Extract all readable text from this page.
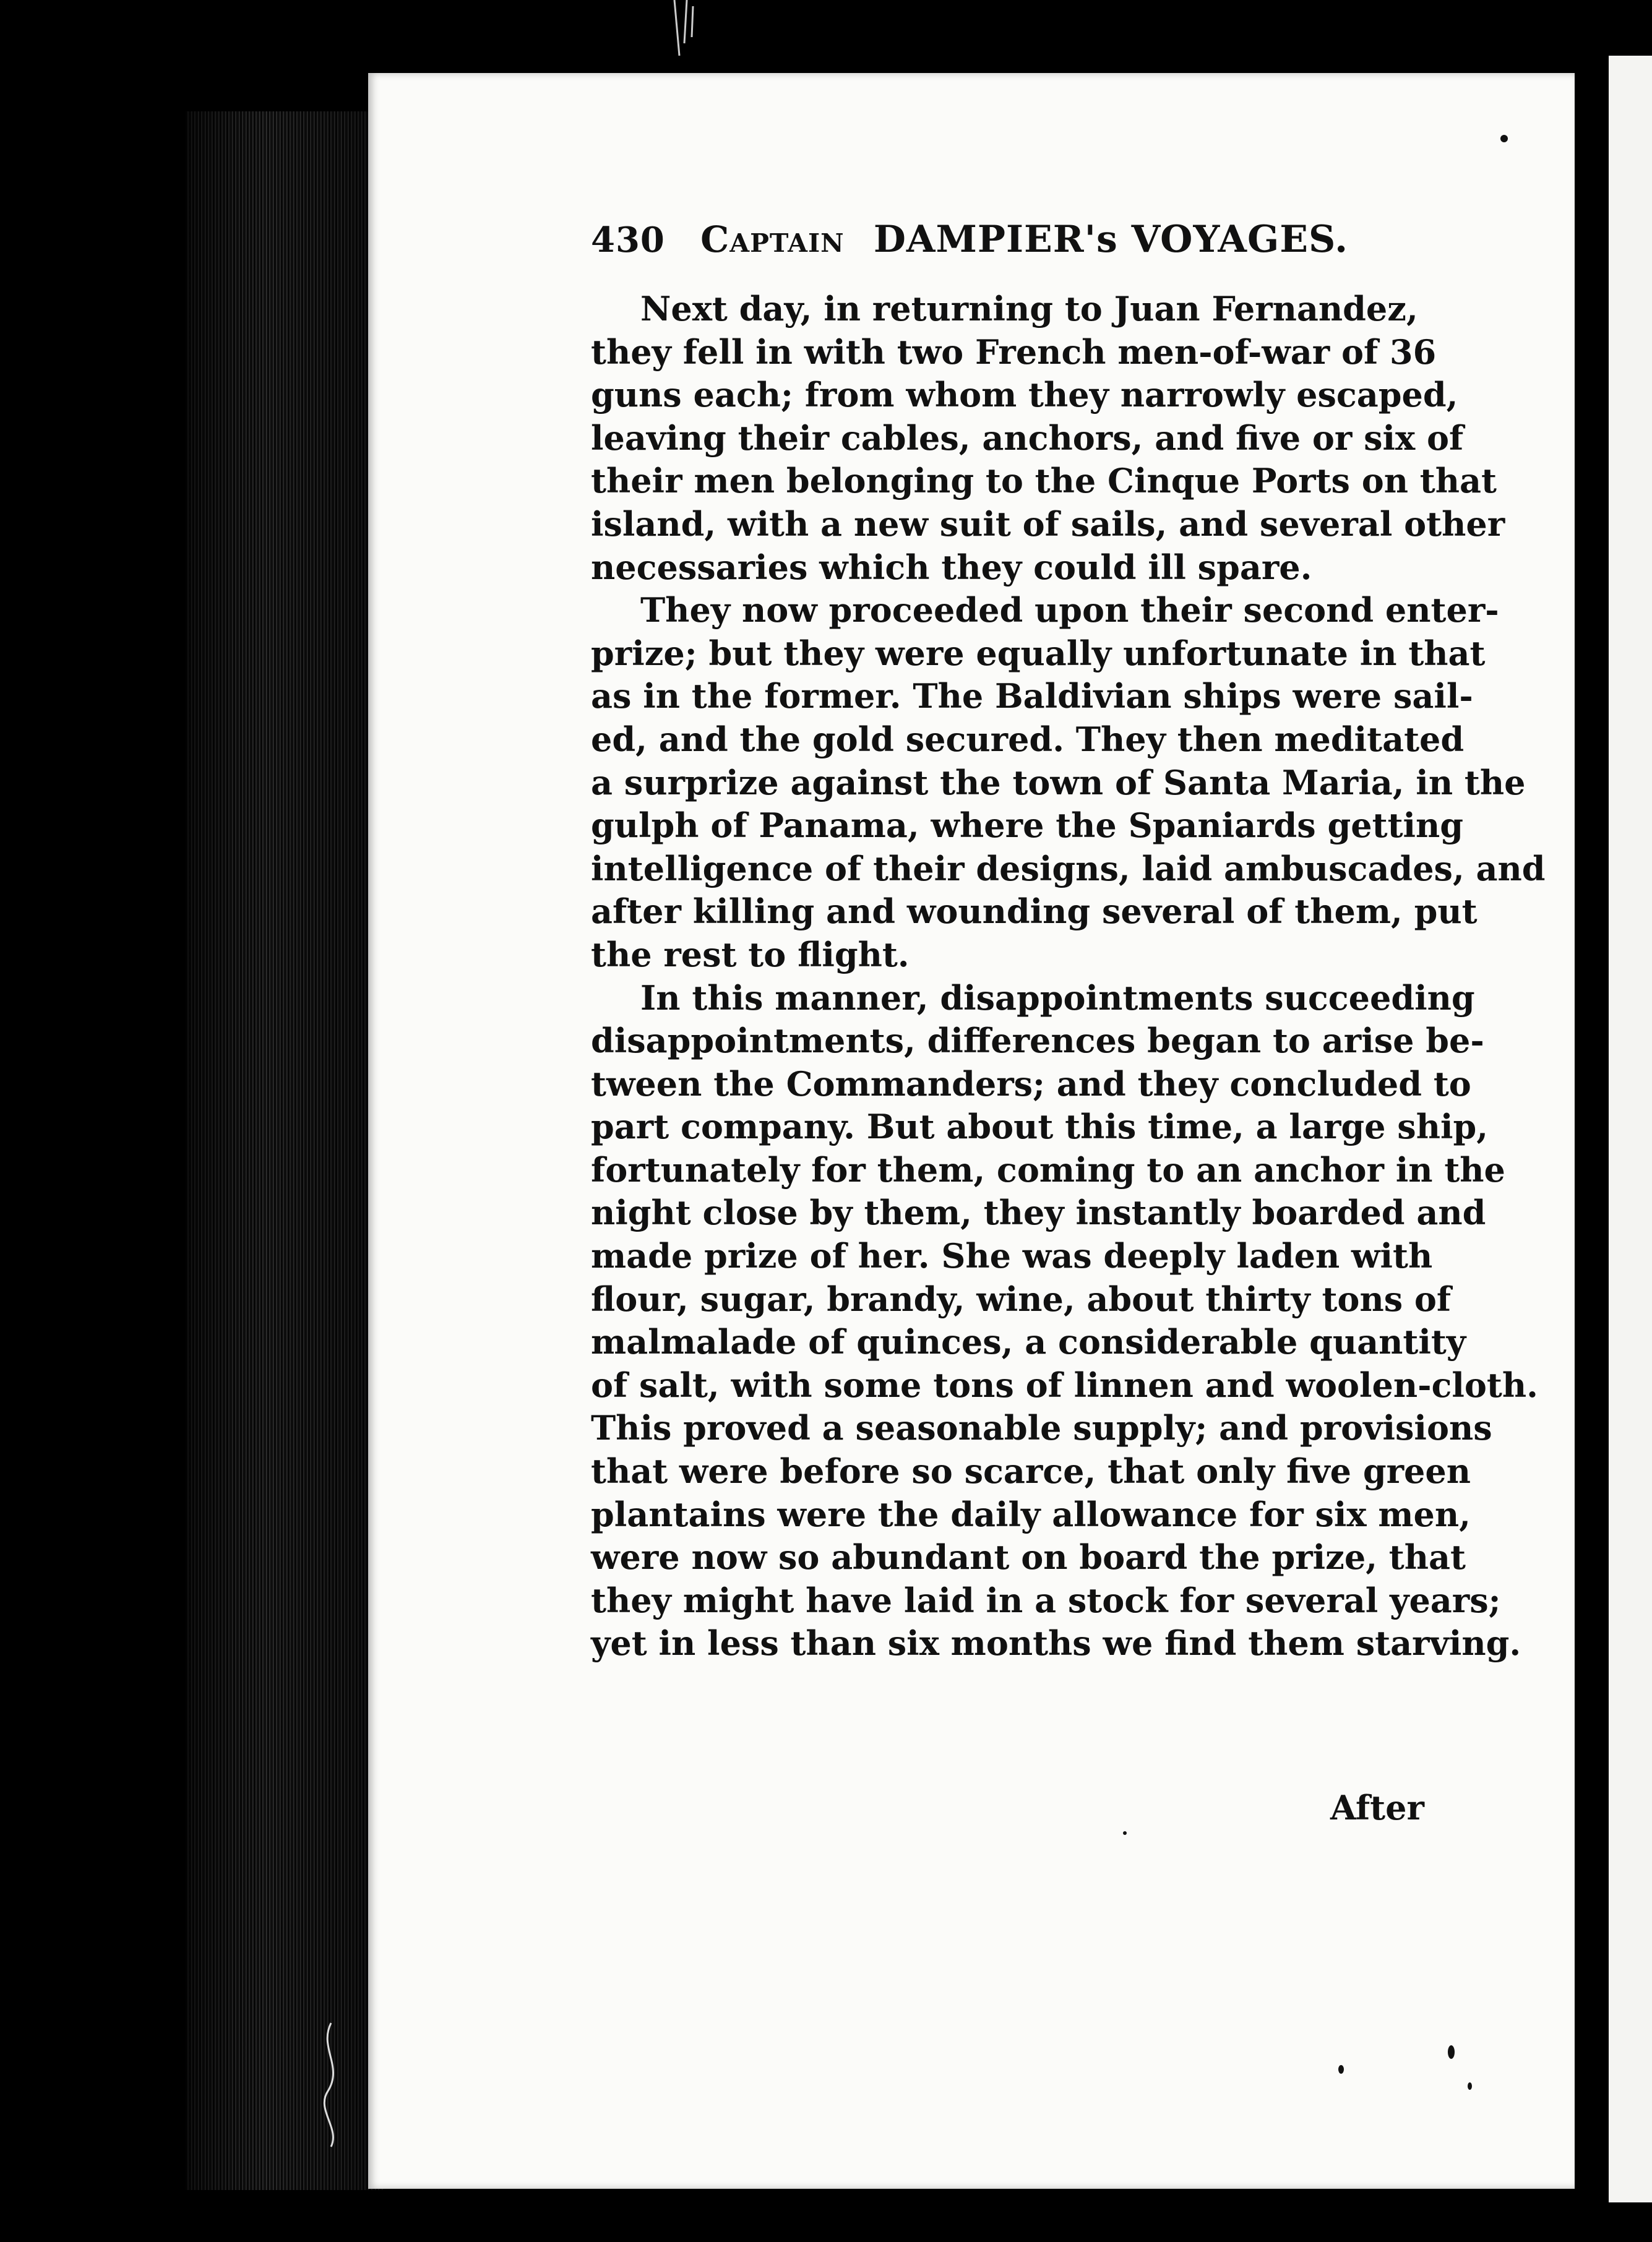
430 Captain DAMPIER's VOYAGES.
Next day, in returning to Juan Fernandez,
they fell in with two French men-of-war of 36
guns each; from whom they narrowly escaped,
leaving their cables, anchors, and five or six of
their men belonging to the Cinque Ports on that
island, with a new suit of sails, and several other
necessaries which they could ill spare.
They now proceeded upon their second enter-
prize; but they were equally unfortunate in that
as in the former. The Baldivian ships were sail-
ed, and the gold secured. They then meditated
a surprize against the town of Santa Maria, in the
gulph of Panama, where the Spaniards getting
intelligence of their designs, laid ambuscades, and
after killing and wounding several of them, put
the rest to flight.
In this manner, disappointments succeeding
disappointments, differences began to arise be-
tween the Commanders; and they concluded to
part company. But about this time, a large ship,
fortunately for them, coming to an anchor in the
night close by them, they instantly boarded and
made prize of her. She was deeply laden with
flour, sugar, brandy, wine, about thirty tons of
malmalade of quinces, a considerable quantity
of salt, with some tons of linnen and woolen-cloth.
This proved a seasonable supply; and provisions
that were before so scarce, that only five green
plantains were the daily allowance for six men,
were now so abundant on board the prize, that
they might have laid in a stock for several years;
yet in less than six months we find them starving.
After
